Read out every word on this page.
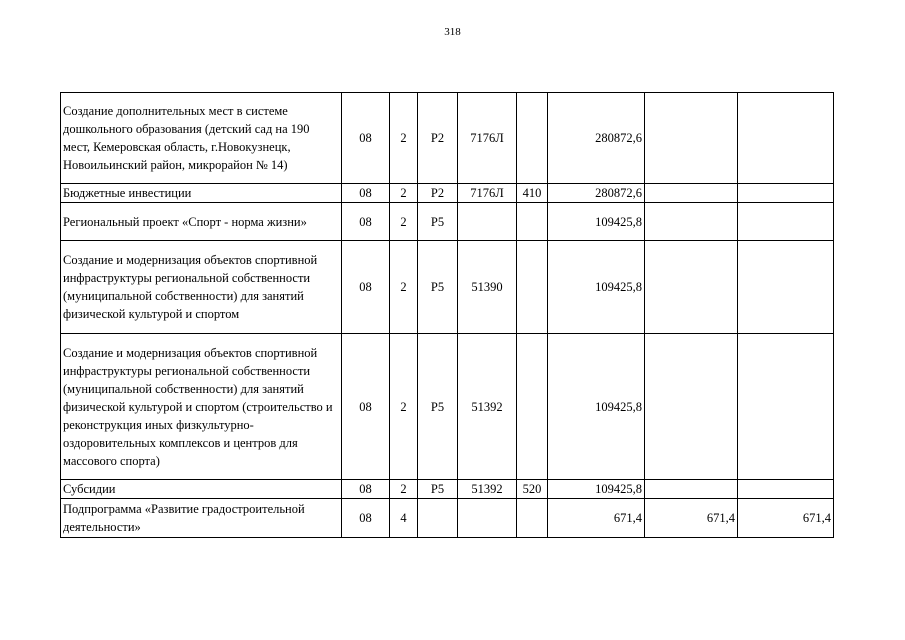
318
Создание дополнительных мест в системе дошкольного образования (детский сад на 190 мест, Кемеровская область, г.Новокузнецк, Новоильинский район, микрорайон № 14)	08	2	Р2	7176Л		280872,6		
Бюджетные инвестиции	08	2	Р2	7176Л	410	280872,6		
Региональный проект «Спорт - норма жизни»	08	2	Р5			109425,8		
Создание и модернизация объектов спортивной инфраструктуры региональной собственности (муниципальной собственности) для занятий физической культурой и спортом	08	2	Р5	51390		109425,8		
Создание и модернизация объектов спортивной инфраструктуры региональной собственности (муниципальной собственности) для занятий физической культурой и спортом (строительство и реконструкция иных физкультурно-оздоровительных комплексов и центров для массового спорта)	08	2	Р5	51392		109425,8		
Субсидии	08	2	Р5	51392	520	109425,8		
Подпрограмма «Развитие градостроительной деятельности»	08	4				671,4	671,4	671,4
